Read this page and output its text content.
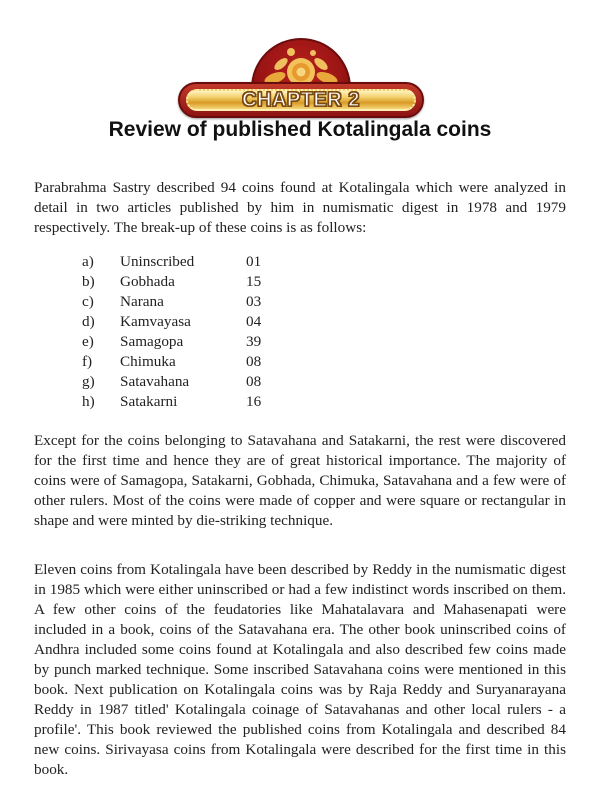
CHAPTER 2
Review of published Kotalingala coins

Parabrahma Sastry described 94 coins found at Kotalingala which were analyzed in detail in two articles published by him in numismatic digest in 1978 and 1979 respectively. The break-up of these coins is as follows:

a)	Uninscribed	01
b)	Gobhada	15
c)	Narana	03
d)	Kamvayasa	04
e)	Samagopa	39
f)	Chimuka	08
g)	Satavahana	08
h)	Satakarni	16

Except for the coins belonging to Satavahana and Satakarni, the rest were discovered for the first time and hence they are of great historical importance. The majority of coins were of Samagopa, Satakarni, Gobhada, Chimuka, Satavahana and a few were of other rulers. Most of the coins were made of copper and were square or rectangular in shape and were minted by die-striking technique.

Eleven coins from Kotalingala have been described by Reddy in the numismatic digest in 1985 which were either uninscribed or had a few indistinct words inscribed on them. A few other coins of the feudatories like Mahatalavara and Mahasenapati were included in a book, coins of the Satavahana era. The other book uninscribed coins of Andhra included some coins found at Kotalingala and also described few coins made by punch marked technique. Some inscribed Satavahana coins were mentioned in this book. Next publication on Kotalingala coins was by Raja Reddy and Suryanarayana Reddy in 1987 titled' Kotalingala coinage of Satavahanas and other local rulers - a profile'. This book reviewed the published coins from Kotalingala and described 84 new coins. Sirivayasa coins from Kotalingala were described for the first time in this book.
